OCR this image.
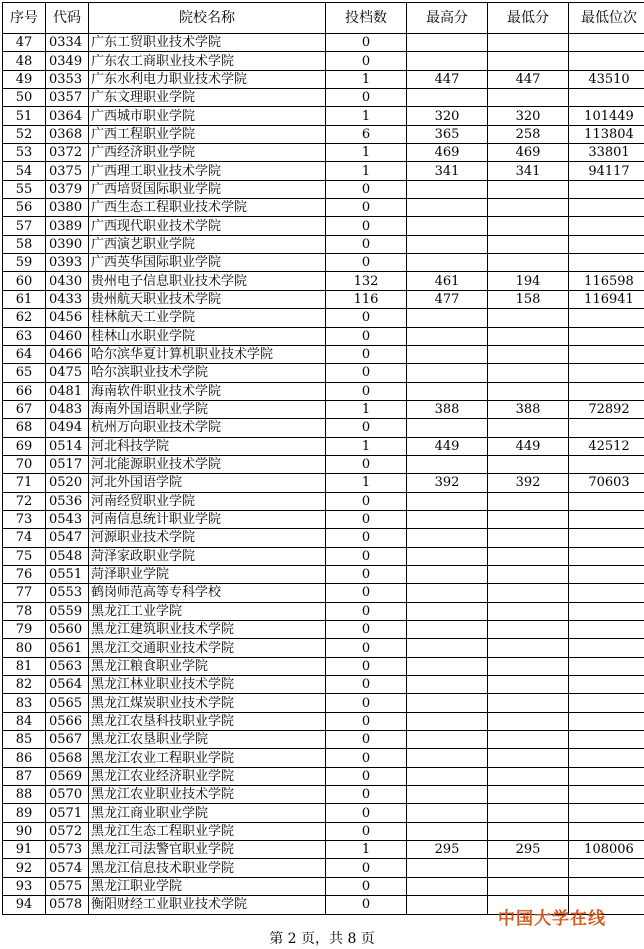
序号	代码	院校名称	投档数	最高分	最低分	最低位次
47	0334	广东工贸职业技术学院	0			
48	0349	广东农工商职业技术学院	0			
49	0353	广东水利电力职业技术学院	1	447	447	43510
50	0357	广东文理职业学院	0			
51	0364	广西城市职业学院	1	320	320	101449
52	0368	广西工程职业学院	6	365	258	113804
53	0372	广西经济职业学院	1	469	469	33801
54	0375	广西理工职业技术学院	1	341	341	94117
55	0379	广西培贤国际职业学院	0			
56	0380	广西生态工程职业技术学院	0			
57	0389	广西现代职业技术学院	0			
58	0390	广西演艺职业学院	0			
59	0393	广西英华国际职业学院	0			
60	0430	贵州电子信息职业技术学院	132	461	194	116598
61	0433	贵州航天职业技术学院	116	477	158	116941
62	0456	桂林航天工业学院	0			
63	0460	桂林山水职业学院	0			
64	0466	哈尔滨华夏计算机职业技术学院	0			
65	0475	哈尔滨职业技术学院	0			
66	0481	海南软件职业技术学院	0			
67	0483	海南外国语职业学院	1	388	388	72892
68	0494	杭州万向职业技术学院	0			
69	0514	河北科技学院	1	449	449	42512
70	0517	河北能源职业技术学院	0			
71	0520	河北外国语学院	1	392	392	70603
72	0536	河南经贸职业学院	0			
73	0543	河南信息统计职业学院	0			
74	0547	河源职业技术学院	0			
75	0548	菏泽家政职业学院	0			
76	0551	菏泽职业学院	0			
77	0553	鹤岗师范高等专科学校	0			
78	0559	黑龙江工业学院	0			
79	0560	黑龙江建筑职业技术学院	0			
80	0561	黑龙江交通职业技术学院	0			
81	0563	黑龙江粮食职业学院	0			
82	0564	黑龙江林业职业技术学院	0			
83	0565	黑龙江煤炭职业技术学院	0			
84	0566	黑龙江农垦科技职业学院	0			
85	0567	黑龙江农垦职业学院	0			
86	0568	黑龙江农业工程职业学院	0			
87	0569	黑龙江农业经济职业学院	0			
88	0570	黑龙江农业职业技术学院	0			
89	0571	黑龙江商业职业学院	0			
90	0572	黑龙江生态工程职业学院	0			
91	0573	黑龙江司法警官职业学院	1	295	295	108006
92	0574	黑龙江信息技术职业学院	0			
93	0575	黑龙江职业学院	0			
94	0578	衡阳财经工业职业技术学院	0			
中国大学在线
第 2 页，共 8 页
